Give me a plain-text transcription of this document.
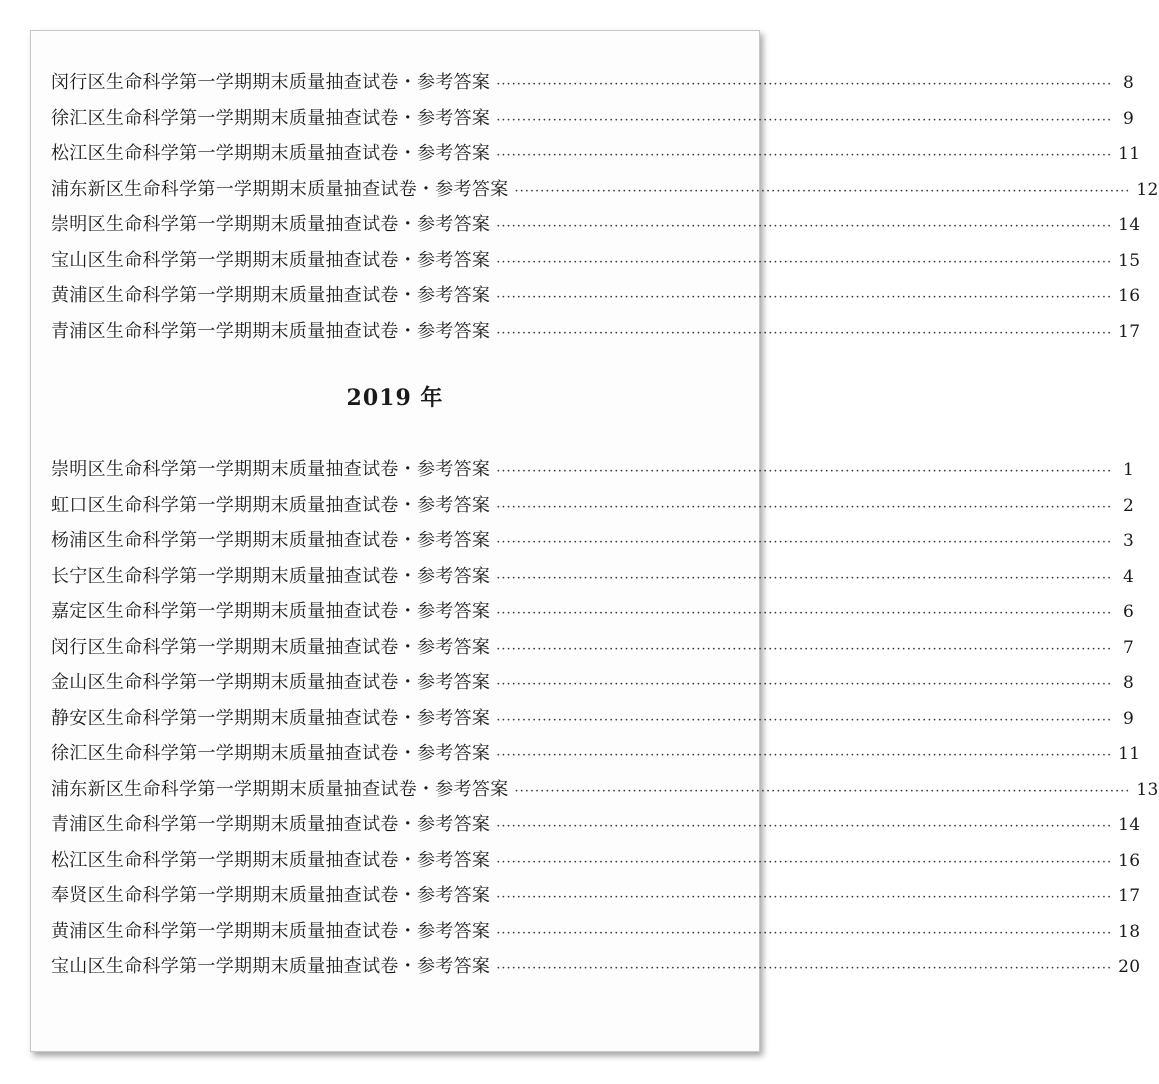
闵行区生命科学第一学期期末质量抽查试卷・参考答案 ························································································································ 8
徐汇区生命科学第一学期期末质量抽查试卷・参考答案 ························································································································ 9
松江区生命科学第一学期期末质量抽查试卷・参考答案 ························································································································ 11
浦东新区生命科学第一学期期末质量抽查试卷・参考答案 ························································································································ 12
崇明区生命科学第一学期期末质量抽查试卷・参考答案 ························································································································ 14
宝山区生命科学第一学期期末质量抽查试卷・参考答案 ························································································································ 15
黄浦区生命科学第一学期期末质量抽查试卷・参考答案 ························································································································ 16
青浦区生命科学第一学期期末质量抽查试卷・参考答案 ························································································································ 17
2019 年
崇明区生命科学第一学期期末质量抽查试卷・参考答案 ························································································································ 1
虹口区生命科学第一学期期末质量抽查试卷・参考答案 ························································································································ 2
杨浦区生命科学第一学期期末质量抽查试卷・参考答案 ························································································································ 3
长宁区生命科学第一学期期末质量抽查试卷・参考答案 ························································································································ 4
嘉定区生命科学第一学期期末质量抽查试卷・参考答案 ························································································································ 6
闵行区生命科学第一学期期末质量抽查试卷・参考答案 ························································································································ 7
金山区生命科学第一学期期末质量抽查试卷・参考答案 ························································································································ 8
静安区生命科学第一学期期末质量抽查试卷・参考答案 ························································································································ 9
徐汇区生命科学第一学期期末质量抽查试卷・参考答案 ························································································································ 11
浦东新区生命科学第一学期期末质量抽查试卷・参考答案 ························································································································ 13
青浦区生命科学第一学期期末质量抽查试卷・参考答案 ························································································································ 14
松江区生命科学第一学期期末质量抽查试卷・参考答案 ························································································································ 16
奉贤区生命科学第一学期期末质量抽查试卷・参考答案 ························································································································ 17
黄浦区生命科学第一学期期末质量抽查试卷・参考答案 ························································································································ 18
宝山区生命科学第一学期期末质量抽查试卷・参考答案 ························································································································ 20
